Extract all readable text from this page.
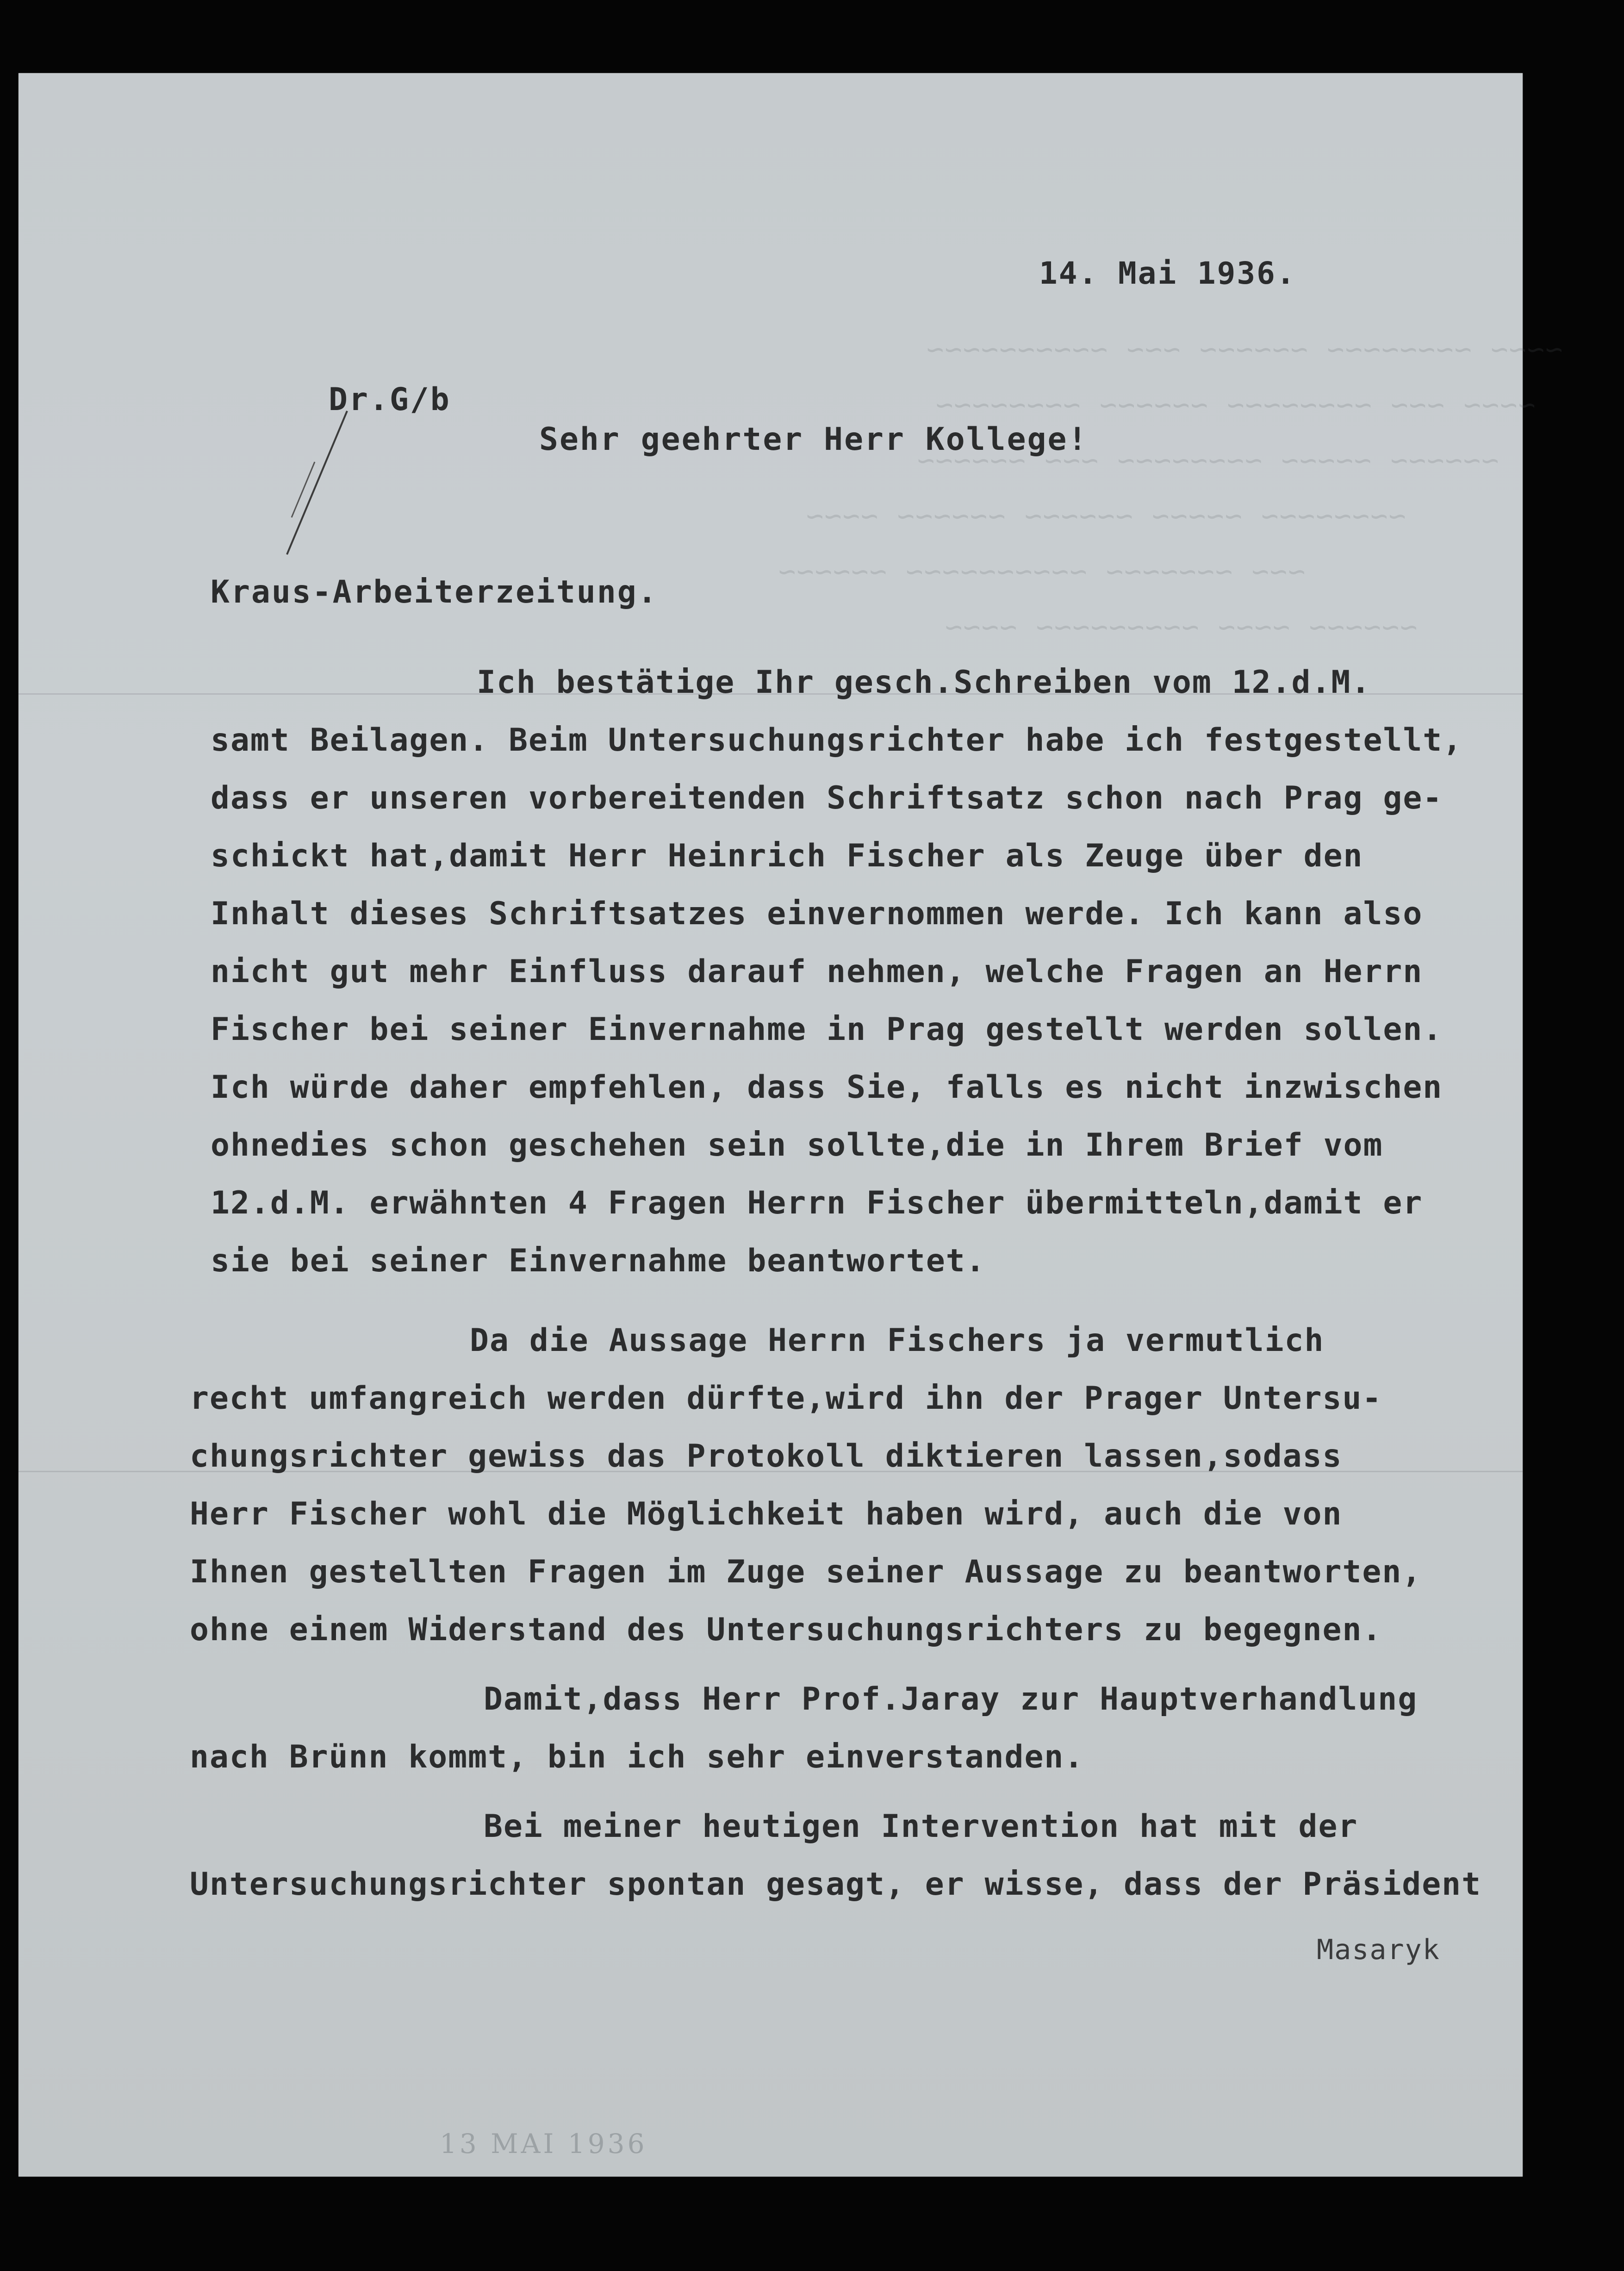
~~~~ ~~~~~~~~ ~~~~~~ ~~~ ~~~~~~~~~~
~~~~ ~~~ ~~~~~~~~ ~~~~~~ ~~~~~~~~
~~~~~~ ~~~~~ ~~~~~~~~ ~~~ ~~~~~~
~~~~~~~~ ~~~~~ ~~~~~~ ~~~~~~ ~~~~
~~~ ~~~~~~~ ~~~~~~~~~~ ~~~~~~
~~~~~~ ~~~~ ~~~~~~~~~ ~~~~
14. Mai 1936.
Dr.G/b
Sehr geehrter Herr Kollege!
Kraus-Arbeiterzeitung.
Ich bestätige Ihr gesch.Schreiben vom 12.d.M.
samt Beilagen. Beim Untersuchungsrichter habe ich festgestellt,
dass er unseren vorbereitenden Schriftsatz schon nach Prag ge-
schickt hat,damit Herr Heinrich Fischer als Zeuge über den
Inhalt dieses Schriftsatzes einvernommen werde. Ich kann also
nicht gut mehr Einfluss darauf nehmen, welche Fragen an Herrn
Fischer bei seiner Einvernahme in Prag gestellt werden sollen.
Ich würde daher empfehlen, dass Sie, falls es nicht inzwischen
ohnedies schon geschehen sein sollte,die in Ihrem Brief vom
12.d.M. erwähnten 4 Fragen Herrn Fischer übermitteln,damit er
sie bei seiner Einvernahme beantwortet.
Da die Aussage Herrn Fischers ja vermutlich
recht umfangreich werden dürfte,wird ihn der Prager Untersu-
chungsrichter gewiss das Protokoll diktieren lassen,sodass
Herr Fischer wohl die Möglichkeit haben wird, auch die von
Ihnen gestellten Fragen im Zuge seiner Aussage zu beantworten,
ohne einem Widerstand des Untersuchungsrichters zu begegnen.
Damit,dass Herr Prof.Jaray zur Hauptverhandlung
nach Brünn kommt, bin ich sehr einverstanden.
Bei meiner heutigen Intervention hat mit der
Untersuchungsrichter spontan gesagt, er wisse, dass der Präsident
Masaryk
13 MAI 1936
